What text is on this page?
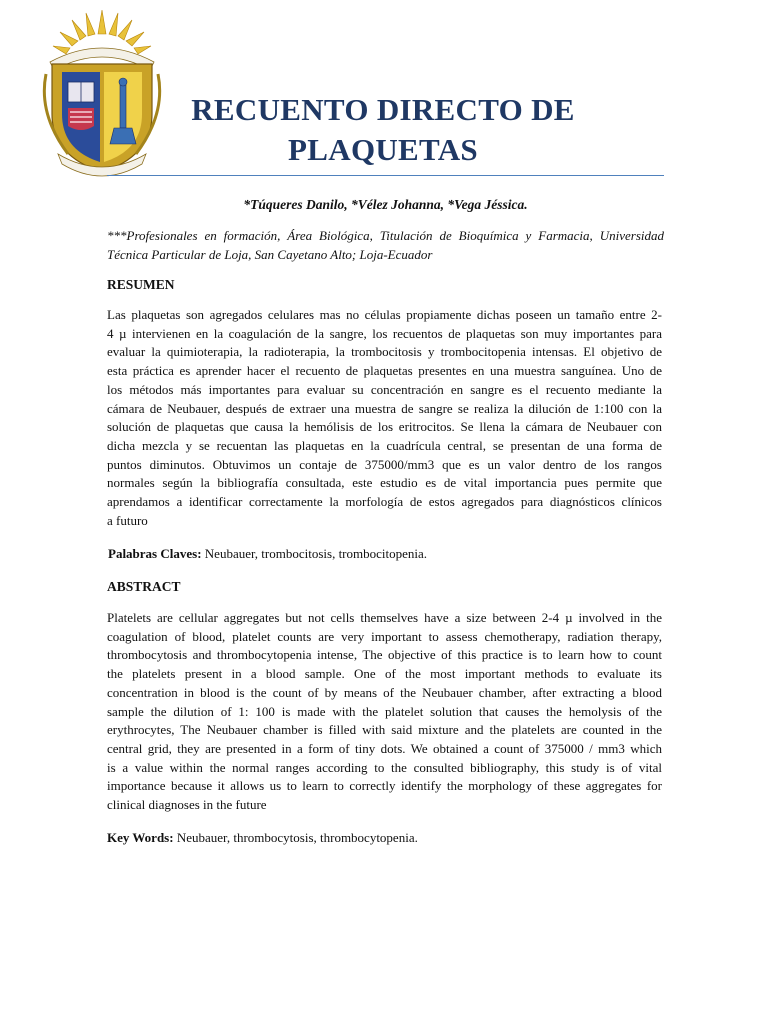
RECUENTO DIRECTO DE
PLAQUETAS
*Túqueres Danilo, *Vélez Johanna, *Vega Jéssica.
***Profesionales en formación, Área Biológica, Titulación de Bioquímica y Farmacia, Universidad
Técnica Particular de Loja, San Cayetano Alto; Loja-Ecuador
RESUMEN
Las plaquetas son agregados celulares mas no células propiamente dichas poseen un tamaño entre 2-
4 µ intervienen en la coagulación de la sangre, los recuentos de plaquetas son muy importantes para
evaluar la quimioterapia, la radioterapia, la trombocitosis y trombocitopenia intensas. El objetivo de
esta práctica es aprender hacer el recuento de plaquetas presentes en una muestra sanguínea. Uno de
los métodos más importantes para evaluar su concentración en sangre es el recuento mediante la
cámara de Neubauer, después de extraer una muestra de sangre se realiza la dilución de 1:100 con la
solución de plaquetas que causa la hemólisis de los eritrocitos. Se llena la cámara de Neubauer con
dicha mezcla y se recuentan las plaquetas en la cuadrícula central, se presentan de una forma de
puntos diminutos. Obtuvimos un contaje de 375000/mm3 que es un valor dentro de los rangos
normales según la bibliografía consultada, este estudio es de vital importancia pues permite que
aprendamos a identificar correctamente la morfología de estos agregados para diagnósticos clínicos
a futuro
Palabras Claves: Neubauer, trombocitosis, trombocitopenia.
ABSTRACT
Platelets are cellular aggregates but not cells themselves have a size between 2-4 µ involved in the
coagulation of blood, platelet counts are very important to assess chemotherapy, radiation therapy,
thrombocytosis and thrombocytopenia intense, The objective of this practice is to learn how to count
the platelets present in a blood sample. One of the most important methods to evaluate its
concentration in blood is the count of by means of the Neubauer chamber, after extracting a blood
sample the dilution of 1: 100 is made with the platelet solution that causes the hemolysis of the
erythrocytes, The Neubauer chamber is filled with said mixture and the platelets are counted in the
central grid, they are presented in a form of tiny dots. We obtained a count of 375000 / mm3 which
is a value within the normal ranges according to the consulted bibliography, this study is of vital
importance because it allows us to learn to correctly identify the morphology of these aggregates for
clinical diagnoses in the future
Key Words: Neubauer, thrombocytosis, thrombocytopenia.
